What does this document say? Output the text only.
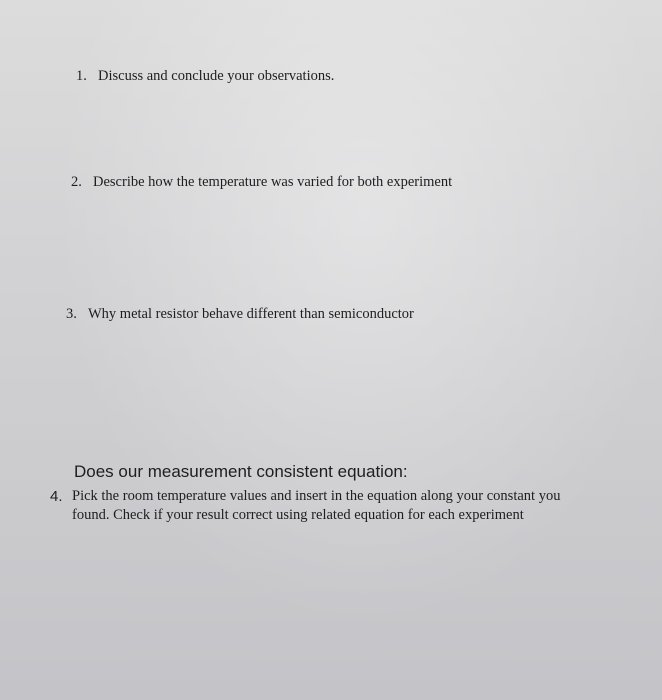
1. Discuss and conclude your observations.
2. Describe how the temperature was varied for both experiment
3. Why metal resistor behave different than semiconductor
Does our measurement consistent equation:
4. Pick the room temperature values and insert in the equation along your constant you
found. Check if your result correct using related equation for each experiment
